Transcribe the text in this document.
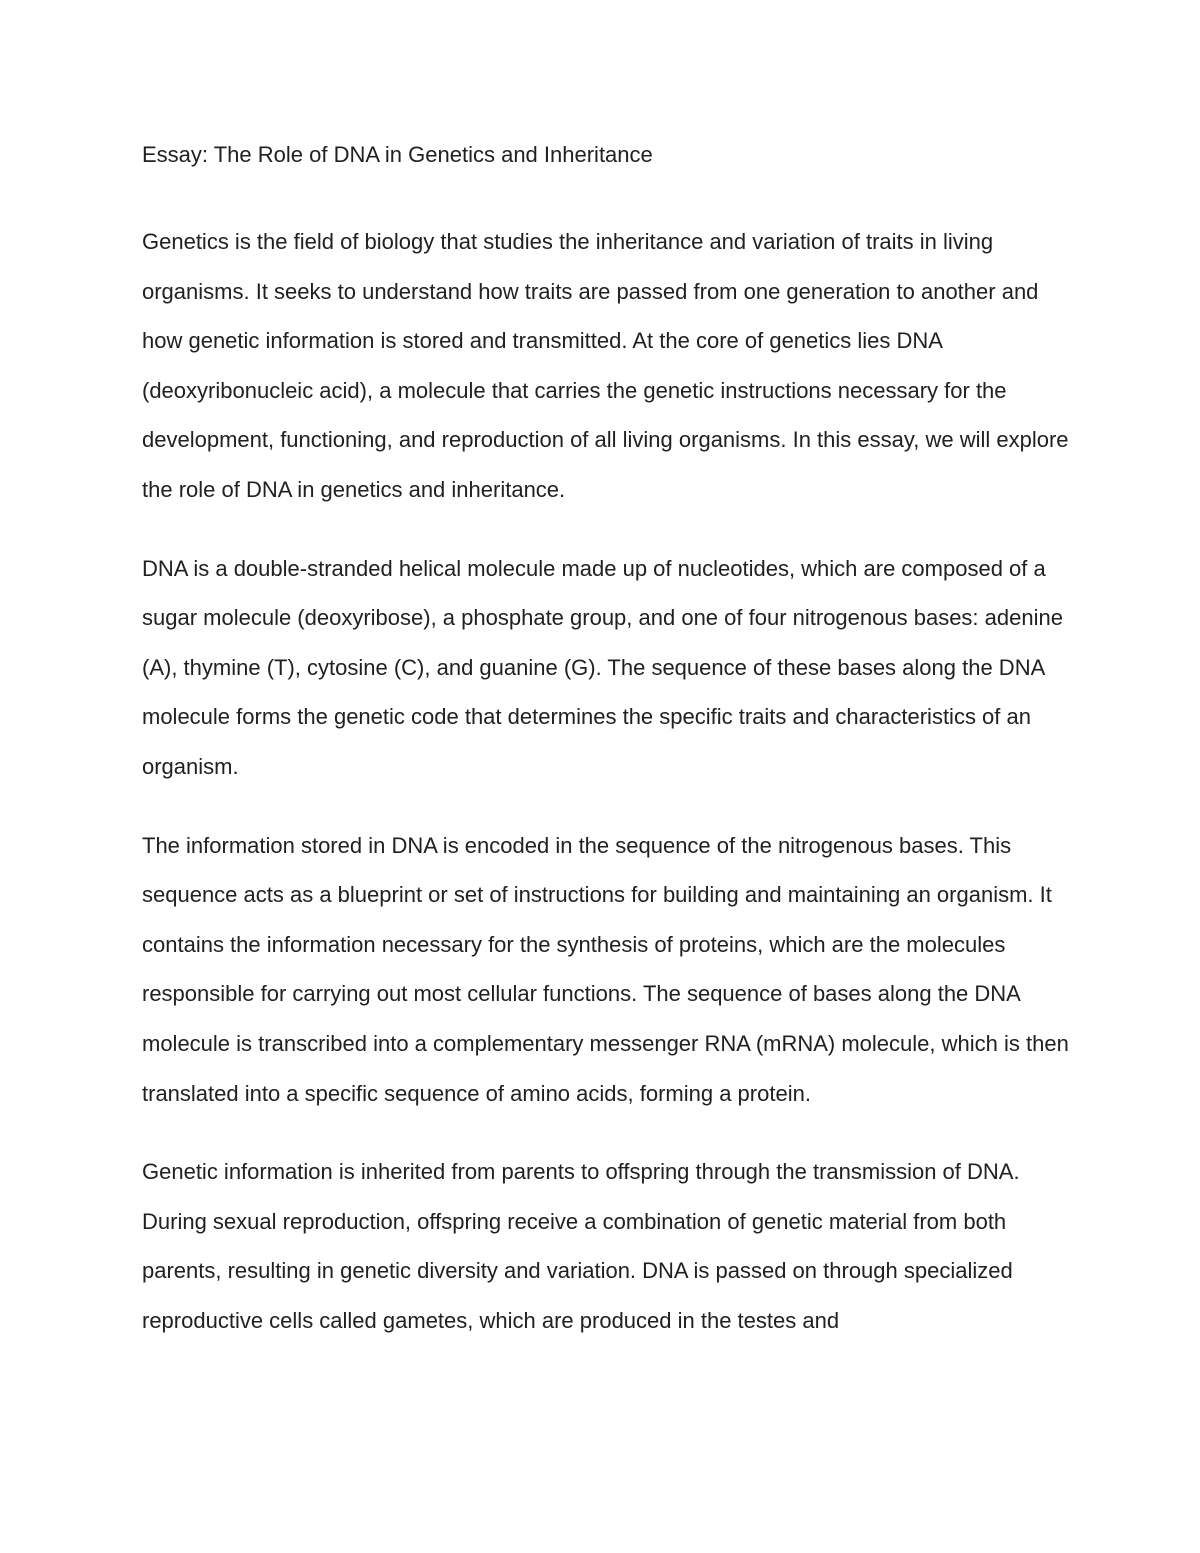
Essay: The Role of DNA in Genetics and Inheritance

Genetics is the field of biology that studies the inheritance and variation of traits in living organisms. It seeks to understand how traits are passed from one generation to another and how genetic information is stored and transmitted. At the core of genetics lies DNA (deoxyribonucleic acid), a molecule that carries the genetic instructions necessary for the development, functioning, and reproduction of all living organisms. In this essay, we will explore the role of DNA in genetics and inheritance.

DNA is a double-stranded helical molecule made up of nucleotides, which are composed of a sugar molecule (deoxyribose), a phosphate group, and one of four nitrogenous bases: adenine (A), thymine (T), cytosine (C), and guanine (G). The sequence of these bases along the DNA molecule forms the genetic code that determines the specific traits and characteristics of an organism.

The information stored in DNA is encoded in the sequence of the nitrogenous bases. This sequence acts as a blueprint or set of instructions for building and maintaining an organism. It contains the information necessary for the synthesis of proteins, which are the molecules responsible for carrying out most cellular functions. The sequence of bases along the DNA molecule is transcribed into a complementary messenger RNA (mRNA) molecule, which is then translated into a specific sequence of amino acids, forming a protein.

Genetic information is inherited from parents to offspring through the transmission of DNA. During sexual reproduction, offspring receive a combination of genetic material from both parents, resulting in genetic diversity and variation. DNA is passed on through specialized reproductive cells called gametes, which are produced in the testes and
